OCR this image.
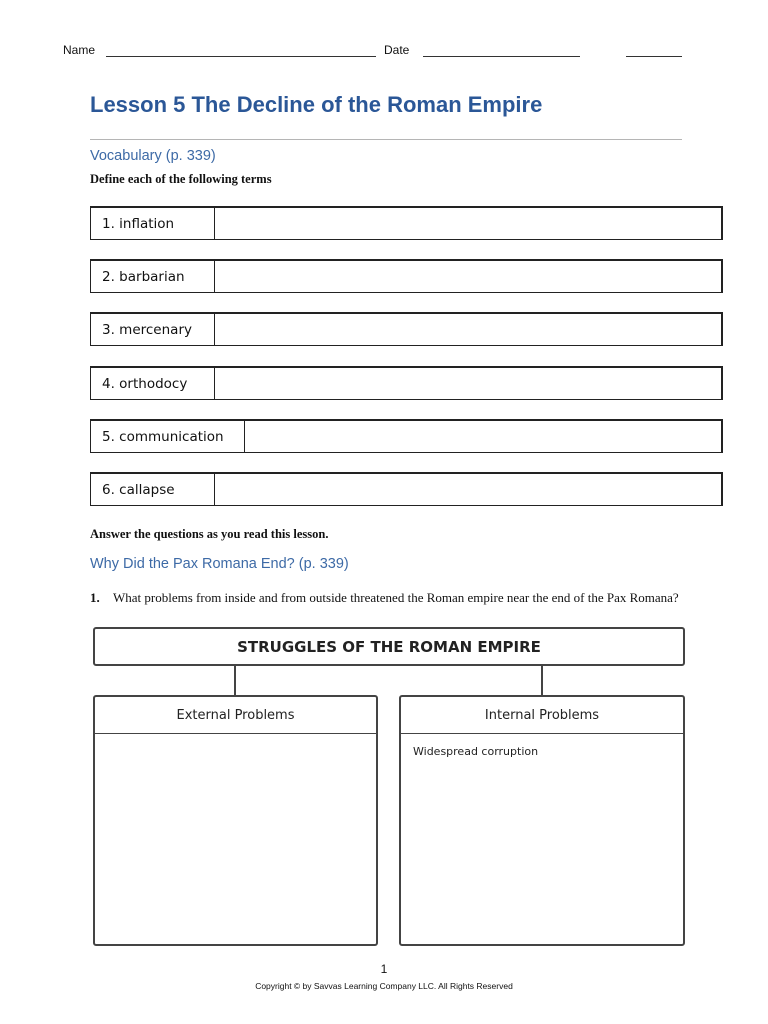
Name	Date
Lesson 5 The Decline of the Roman Empire
Vocabulary (p. 339)
Define each of the following terms
1. inflation
2. barbarian
3. mercenary
4. orthodocy
5. communication
6. callapse
Answer the questions as you read this lesson.
Why Did the Pax Romana End? (p. 339)
1. What problems from inside and from outside threatened the Roman empire near the end of the Pax Romana?
STRUGGLES OF THE ROMAN EMPIRE
External Problems	Internal Problems
Widespread corruption
1
Copyright © by Savvas Learning Company LLC. All Rights Reserved
